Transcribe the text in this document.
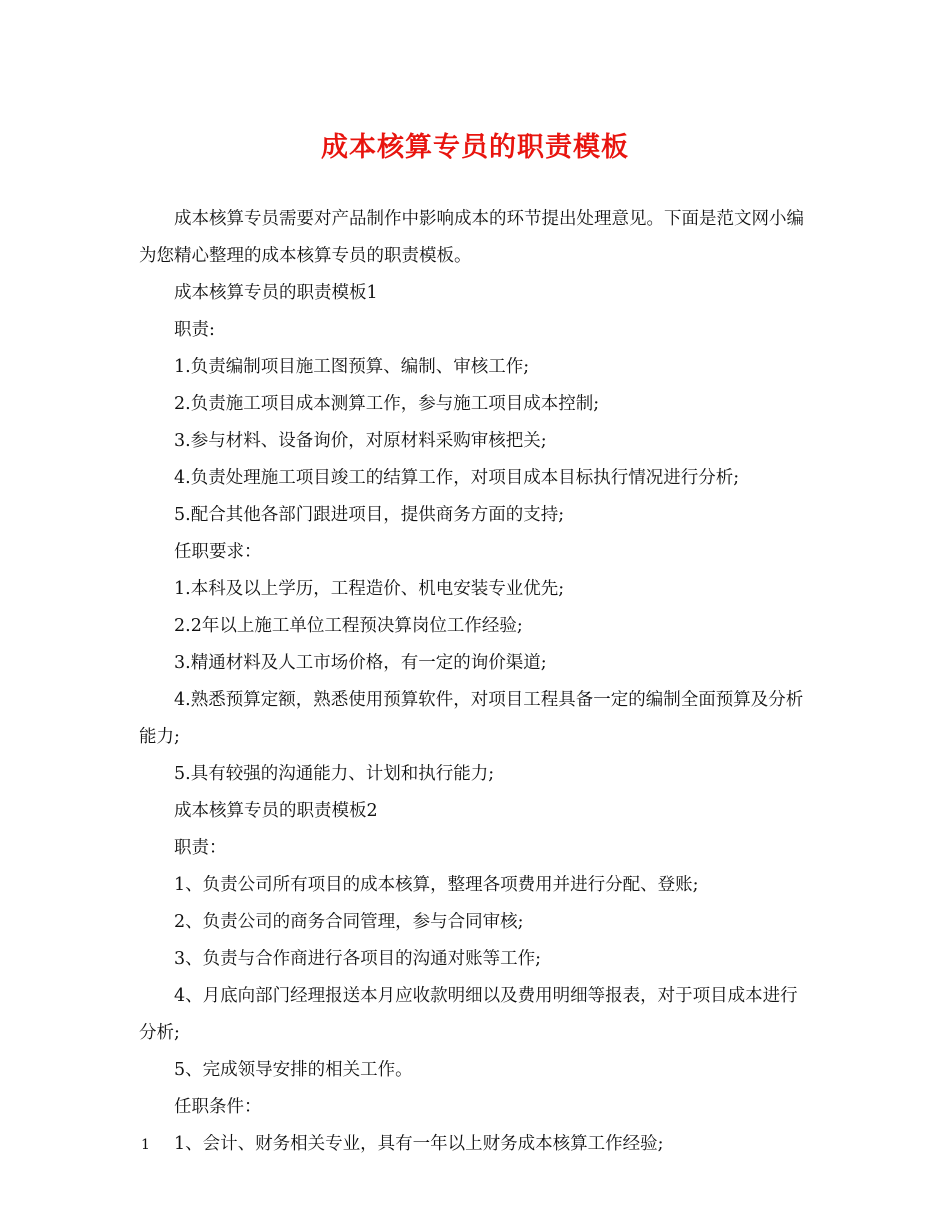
成本核算专员的职责模板

成本核算专员需要对产品制作中影响成本的环节提出处理意见。下面是范文网小编为您精心整理的成本核算专员的职责模板。

成本核算专员的职责模板1

职责:

1.负责编制项目施工图预算、编制、审核工作;

2.负责施工项目成本测算工作，参与施工项目成本控制;

3.参与材料、设备询价，对原材料采购审核把关;

4.负责处理施工项目竣工的结算工作，对项目成本目标执行情况进行分析;

5.配合其他各部门跟进项目，提供商务方面的支持;

任职要求：

1.本科及以上学历，工程造价、机电安装专业优先;

2.2年以上施工单位工程预决算岗位工作经验;

3.精通材料及人工市场价格，有一定的询价渠道;

4.熟悉预算定额，熟悉使用预算软件，对项目工程具备一定的编制全面预算及分析能力;

5.具有较强的沟通能力、计划和执行能力;

成本核算专员的职责模板2

职责：

1、负责公司所有项目的成本核算，整理各项费用并进行分配、登账;

2、负责公司的商务合同管理，参与合同审核;

3、负责与合作商进行各项目的沟通对账等工作;

4、月底向部门经理报送本月应收款明细以及费用明细等报表，对于项目成本进行分析;

5、完成领导安排的相关工作。

任职条件：

1、会计、财务相关专业，具有一年以上财务成本核算工作经验;

1
